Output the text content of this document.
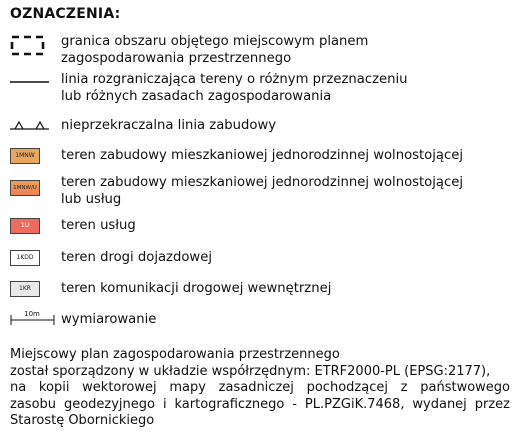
OZNACZENIA:
granica obszaru objętego miejscowym planem
zagospodarowania przestrzennego
linia rozgraniczająca tereny o różnym przeznaczeniu
lub różnych zasadach zagospodarowania
nieprzekraczalna linia zabudowy
1MNW	teren zabudowy mieszkaniowej jednorodzinnej wolnostojącej
1MNW/U teren zabudowy mieszkaniowej jednorodzinnej wolnostojącej
lub usług
1U	teren usług
1KDD	teren drogi dojazdowej
1KR	teren komunikacji drogowej wewnętrznej
10m wymiarowanie
Miejscowy plan zagospodarowania przestrzennego
został sporządzony w układzie współrzędnym: ETRF2000-PL (EPSG:2177),
na kopii wektorowej mapy zasadniczej pochodzącej z państwowego
zasobu geodezyjnego i kartograficznego - PL.PZGiK.7468, wydanej przez
Starostę Obornickiego
